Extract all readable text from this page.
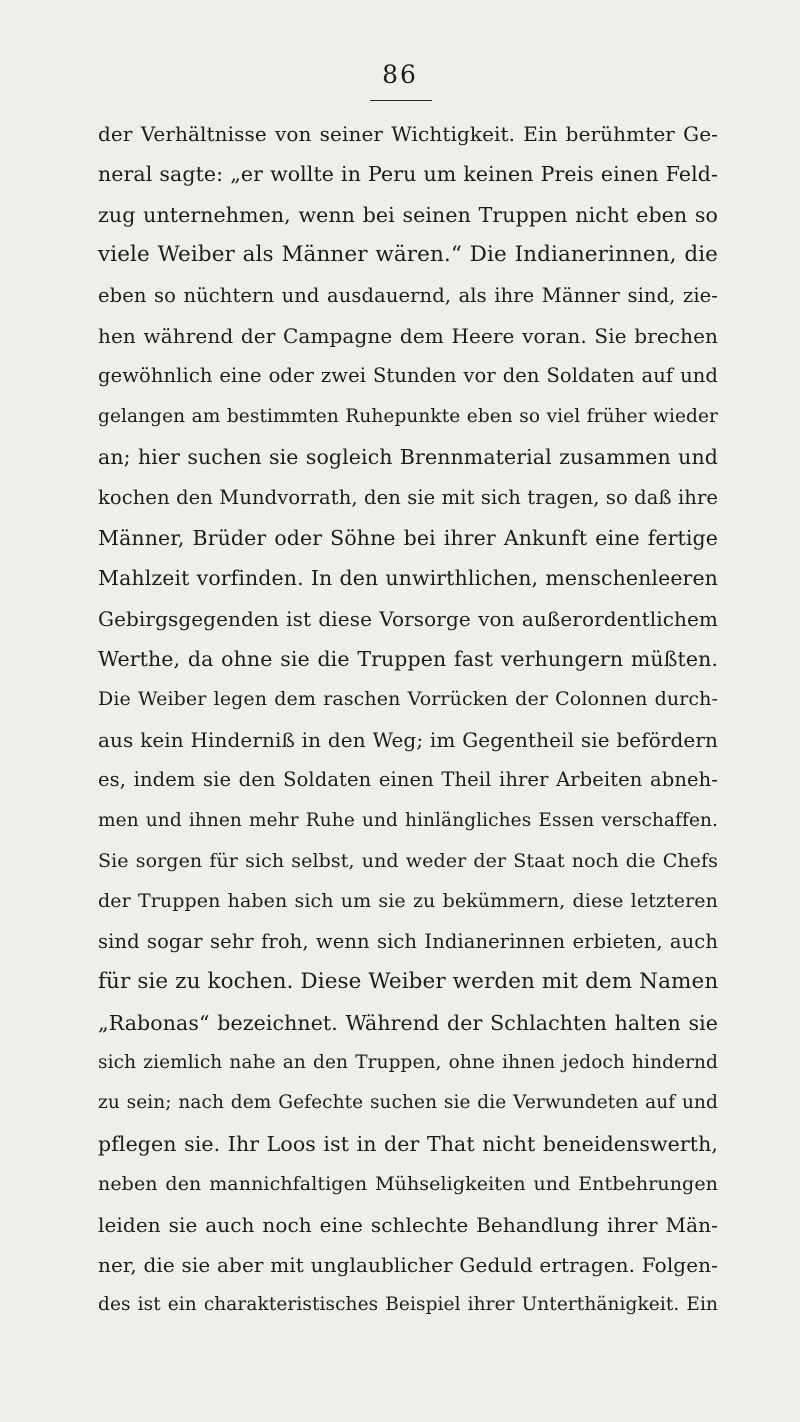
86
der Verhältnisse von seiner Wichtigkeit. Ein berühmter Ge-
neral sagte: „er wollte in Peru um keinen Preis einen Feld-
zug unternehmen, wenn bei seinen Truppen nicht eben so
viele Weiber als Männer wären.“ Die Indianerinnen, die
eben so nüchtern und ausdauernd, als ihre Männer sind, zie-
hen während der Campagne dem Heere voran. Sie brechen
gewöhnlich eine oder zwei Stunden vor den Soldaten auf und
gelangen am bestimmten Ruhepunkte eben so viel früher wieder
an; hier suchen sie sogleich Brennmaterial zusammen und
kochen den Mundvorrath, den sie mit sich tragen, so daß ihre
Männer, Brüder oder Söhne bei ihrer Ankunft eine fertige
Mahlzeit vorfinden. In den unwirthlichen, menschenleeren
Gebirgsgegenden ist diese Vorsorge von außerordentlichem
Werthe, da ohne sie die Truppen fast verhungern müßten.
Die Weiber legen dem raschen Vorrücken der Colonnen durch-
aus kein Hinderniß in den Weg; im Gegentheil sie befördern
es, indem sie den Soldaten einen Theil ihrer Arbeiten abneh-
men und ihnen mehr Ruhe und hinlängliches Essen verschaffen.
Sie sorgen für sich selbst, und weder der Staat noch die Chefs
der Truppen haben sich um sie zu bekümmern, diese letzteren
sind sogar sehr froh, wenn sich Indianerinnen erbieten, auch
für sie zu kochen. Diese Weiber werden mit dem Namen
„Rabonas“ bezeichnet. Während der Schlachten halten sie
sich ziemlich nahe an den Truppen, ohne ihnen jedoch hindernd
zu sein; nach dem Gefechte suchen sie die Verwundeten auf und
pflegen sie. Ihr Loos ist in der That nicht beneidenswerth,
neben den mannichfaltigen Mühseligkeiten und Entbehrungen
leiden sie auch noch eine schlechte Behandlung ihrer Män-
ner, die sie aber mit unglaublicher Geduld ertragen. Folgen-
des ist ein charakteristisches Beispiel ihrer Unterthänigkeit. Ein
